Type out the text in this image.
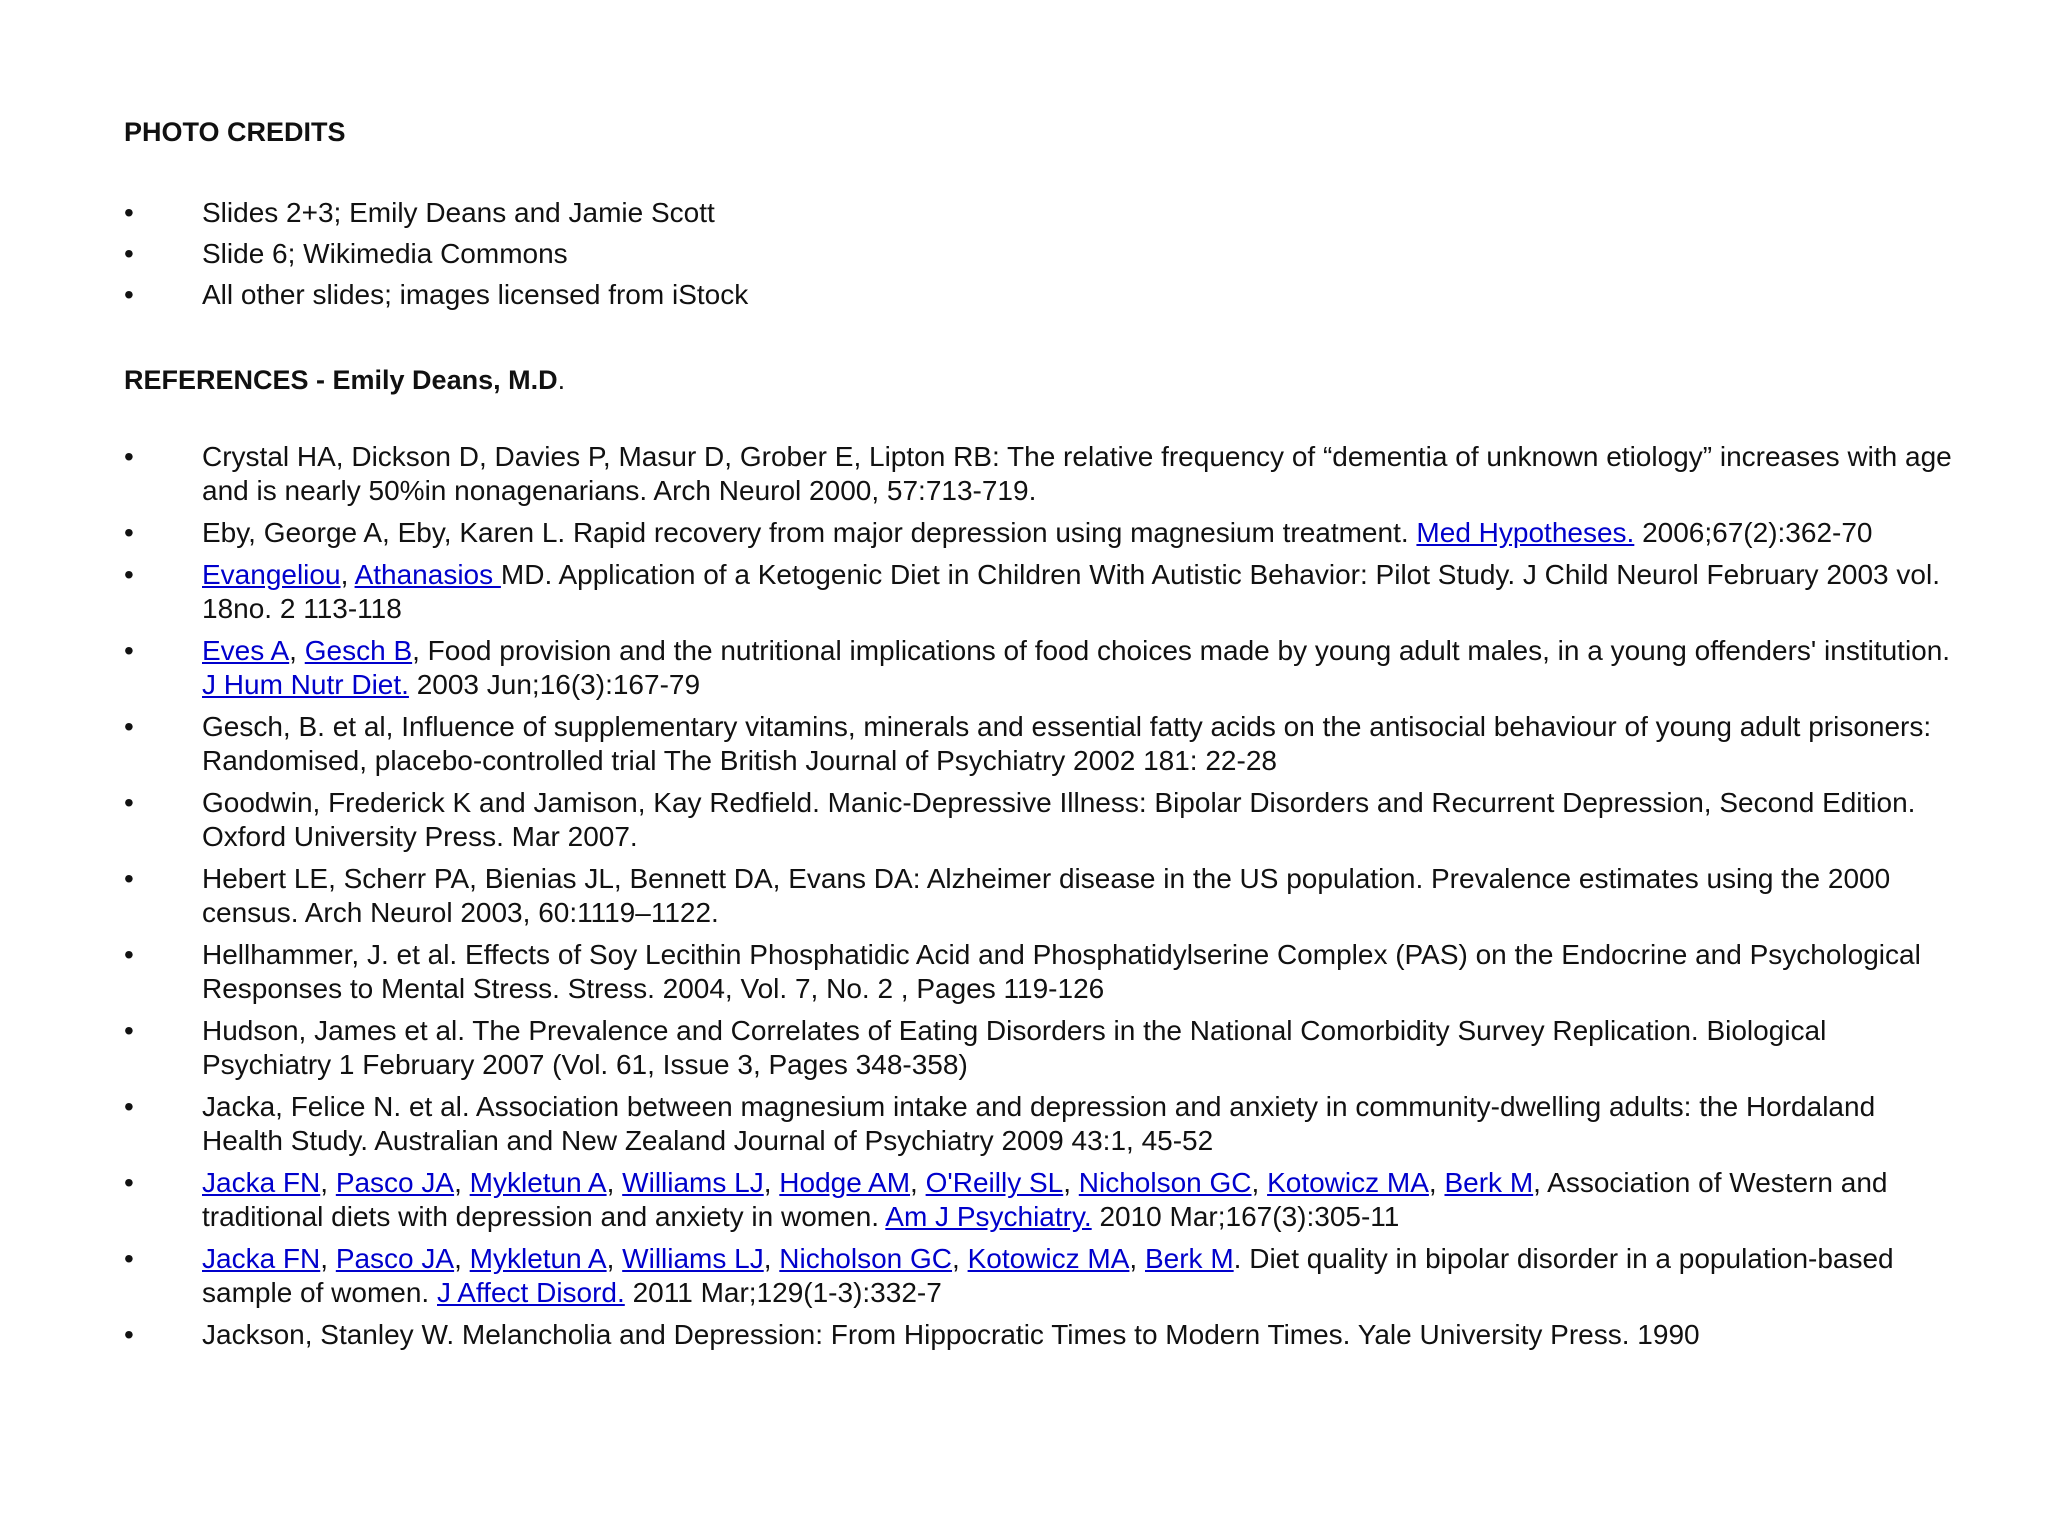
PHOTO CREDITS
•	Slides 2+3; Emily Deans and Jamie Scott
•	Slide 6; Wikimedia Commons
•	All other slides; images licensed from iStock
REFERENCES - Emily Deans, M.D.
•	Crystal HA, Dickson D, Davies P, Masur D, Grober E, Lipton RB: The relative frequency of “dementia of unknown etiology” increases with age and is nearly 50%in nonagenarians. Arch Neurol 2000, 57:713-719.
•	Eby, George A, Eby, Karen L. Rapid recovery from major depression using magnesium treatment. Med Hypotheses. 2006;67(2):362-70
•	Evangeliou, Athanasios MD. Application of a Ketogenic Diet in Children With Autistic Behavior: Pilot Study. J Child Neurol February 2003 vol. 18no. 2 113-118
•	Eves A, Gesch B, Food provision and the nutritional implications of food choices made by young adult males, in a young offenders' institution. J Hum Nutr Diet. 2003 Jun;16(3):167-79
•	Gesch, B. et al, Influence of supplementary vitamins, minerals and essential fatty acids on the antisocial behaviour of young adult prisoners: Randomised, placebo-controlled trial The British Journal of Psychiatry 2002 181: 22-28
•	Goodwin, Frederick K and Jamison, Kay Redfield. Manic-Depressive Illness: Bipolar Disorders and Recurrent Depression, Second Edition. Oxford University Press. Mar 2007.
•	Hebert LE, Scherr PA, Bienias JL, Bennett DA, Evans DA: Alzheimer disease in the US population. Prevalence estimates using the 2000 census. Arch Neurol 2003, 60:1119–1122.
•	Hellhammer, J. et al. Effects of Soy Lecithin Phosphatidic Acid and Phosphatidylserine Complex (PAS) on the Endocrine and Psychological Responses to Mental Stress. Stress. 2004, Vol. 7, No. 2 , Pages 119-126
•	Hudson, James et al. The Prevalence and Correlates of Eating Disorders in the National Comorbidity Survey Replication. Biological Psychiatry 1 February 2007 (Vol. 61, Issue 3, Pages 348-358)
•	Jacka, Felice N. et al. Association between magnesium intake and depression and anxiety in community-dwelling adults: the Hordaland Health Study. Australian and New Zealand Journal of Psychiatry 2009 43:1, 45-52
•	Jacka FN, Pasco JA, Mykletun A, Williams LJ, Hodge AM, O'Reilly SL, Nicholson GC, Kotowicz MA, Berk M, Association of Western and traditional diets with depression and anxiety in women. Am J Psychiatry. 2010 Mar;167(3):305-11
•	Jacka FN, Pasco JA, Mykletun A, Williams LJ, Nicholson GC, Kotowicz MA, Berk M. Diet quality in bipolar disorder in a population-based sample of women. J Affect Disord. 2011 Mar;129(1-3):332-7
•	Jackson, Stanley W. Melancholia and Depression: From Hippocratic Times to Modern Times. Yale University Press. 1990
